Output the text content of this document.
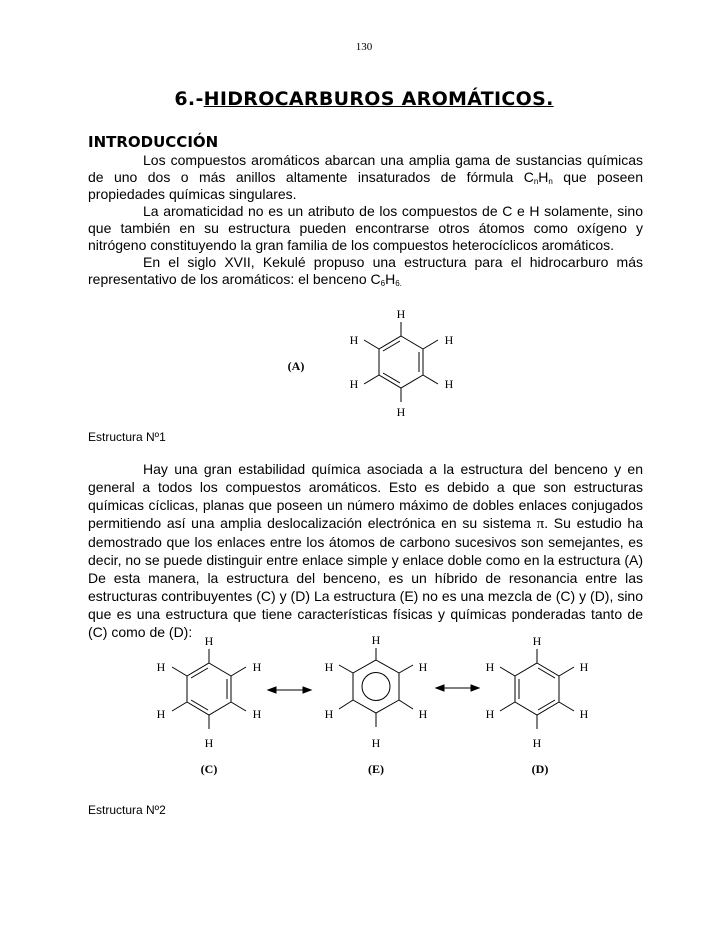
130
6.-HIDROCARBUROS AROMÁTICOS.
INTRODUCCIÓN
Los compuestos aromáticos abarcan una amplia gama de sustancias químicas de uno dos o más anillos altamente insaturados de fórmula $C_nH_n$ que poseen propiedades químicas singulares.
La aromaticidad no es un atributo de los compuestos de C e H solamente, sino que también en su estructura pueden encontrarse otros átomos como oxígeno y nitrógeno constituyendo la gran familia de los compuestos heterocíclicos aromáticos.
En el siglo XVII, Kekulé propuso una estructura para el hidrocarburo más representativo de los aromáticos: el benceno $C_6H_{6.}$
H
H
H
H
H
H
(A)
Estructura Nº1
Hay una gran estabilidad química asociada a la estructura del benceno y en general a todos los compuestos aromáticos. Esto es debido a que son estructuras químicas cíclicas, planas que poseen un número máximo de dobles enlaces conjugados permitiendo así una amplia deslocalización electrónica en su sistema π. Su estudio ha demostrado que los enlaces entre los átomos de carbono sucesivos son semejantes, es decir, no se puede distinguir entre enlace simple y enlace doble como en la estructura (A) De esta manera, la estructura del benceno, es un híbrido de resonancia entre las estructuras contribuyentes (C) y (D) La estructura (E) no es una mezcla de (C) y (D), sino que es una estructura que tiene características físicas y químicas ponderadas tanto de (C) como de (D):
H
H
H
H
H
H
(C)
H
H
H
H
H
H
(E)
H
H
H
H
H
H
(D)
Estructura Nº2
